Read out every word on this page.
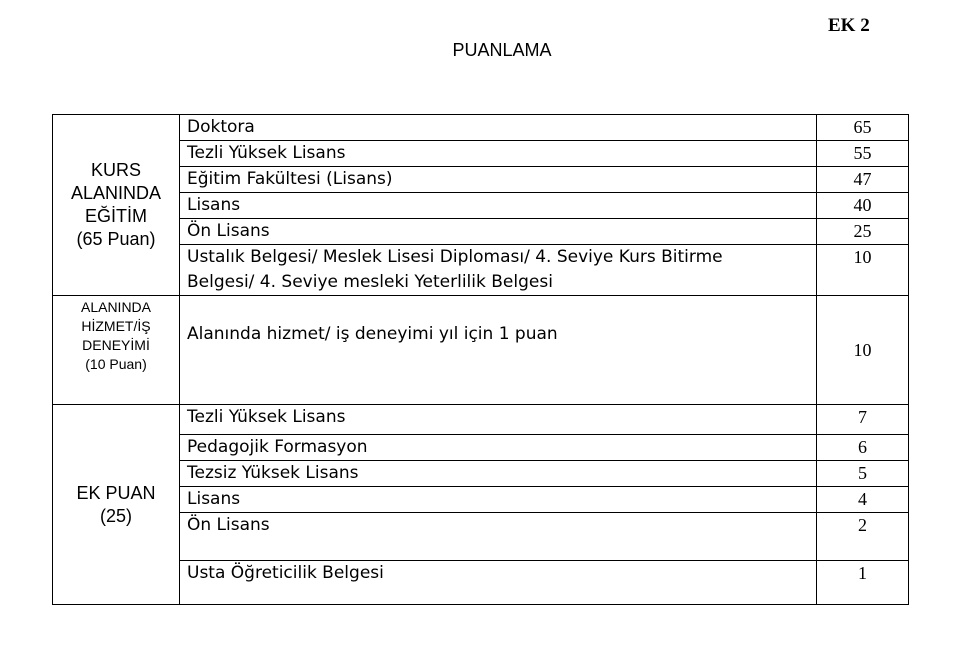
EK 2
PUANLAMA
KURS
ALANINDA
EĞİTİM
(65 Puan)	Doktora	65
	Tezli Yüksek Lisans	55
	Eğitim Fakültesi (Lisans)	47
	Lisans	40
	Ön Lisans	25

	Ustalık Belgesi/ Meslek Lisesi Diploması/ 4. Seviye Kurs Bitirme
Belgesi/ 4. Seviye mesleki Yeterlilik Belgesi	10

ALANINDA
HİZMET/İŞ
DENEYİMİ
(10 Puan)	Alanında hizmet/ iş deneyimi yıl için 1 puan	10

EK PUAN
(25)	Tezli Yüksek Lisans	7
	Pedagojik Formasyon	6
	Tezsiz Yüksek Lisans	5
	Lisans	4
	Ön Lisans	2
	Usta Öğreticilik Belgesi	1
